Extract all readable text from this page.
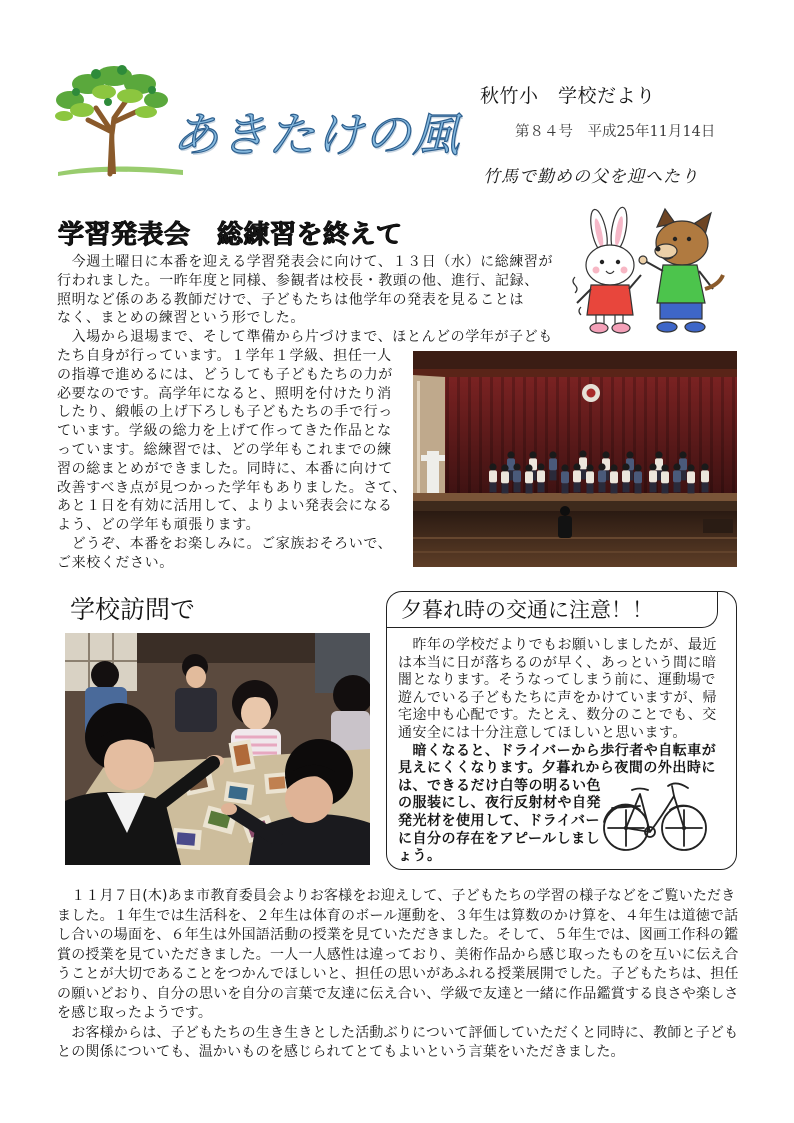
あきたけの風
秋竹小　学校だより
第８４号　平成25年11月14日
竹馬で勤めの父を迎へたり
学習発表会　総練習を終えて
　今週土曜日に本番を迎える学習発表会に向けて、１３日（水）に総練習が
行われました。一昨年度と同様、参観者は校長・教頭の他、進行、記録、
照明など係のある教師だけで、子どもたちは他学年の発表を見ることは
なく、まとめの練習という形でした。
　入場から退場まで、そして準備から片づけまで、ほとんどの学年が子ども
たち自身が行っています。１学年１学級、担任一人
の指導で進めるには、どうしても子どもたちの力が
必要なのです。高学年になると、照明を付けたり消
したり、緞帳の上げ下ろしも子どもたちの手で行っ
ています。学級の総力を上げて作ってきた作品とな
っています。総練習では、どの学年もこれまでの練
習の総まとめができました。同時に、本番に向けて
改善すべき点が見つかった学年もありました。さて、
あと１日を有効に活用して、よりよい発表会になる
よう、どの学年も頑張ります。
　どうぞ、本番をお楽しみに。ご家族おそろいで、
ご来校ください。
学校訪問で
　１１月７日(木)あま市教育委員会よりお客様をお迎えして、子どもたちの学習の様子などをご覧いただき
ました。１年生では生活科を、２年生は体育のボール運動を、３年生は算数のかけ算を、４年生は道徳で話
し合いの場面を、６年生は外国語活動の授業を見ていただきました。そして、５年生では、図画工作科の鑑
賞の授業を見ていただきました。一人一人感性は違っており、美術作品から感じ取ったものを互いに伝え合
うことが大切であることをつかんでほしいと、担任の思いがあふれる授業展開でした。子どもたちは、担任
の願いどおり、自分の思いを自分の言葉で友達に伝え合い、学級で友達と一緒に作品鑑賞する良さや楽しさ
を感じ取ったようです。
　お客様からは、子どもたちの生き生きとした活動ぶりについて評価していただくと同時に、教師と子ども
との関係についても、温かいものを感じられてとてもよいという言葉をいただきました。
夕暮れ時の交通に注意！！
　昨年の学校だよりでもお願いしましたが、最近
は本当に日が落ちるのが早く、あっという間に暗
闇となります。そうなってしまう前に、運動場で
遊んでいる子どもたちに声をかけていますが、帰
宅途中も心配です。たとえ、数分のことでも、交
通安全には十分注意してほしいと思います。
　暗くなると、ドライバーから歩行者や自転車が
見えにくくなります。夕暮れから夜間の外出時に
は、できるだけ白等の明るい色
の服装にし、夜行反射材や自発
発光材を使用して、ドライバー
に自分の存在をアピールしまし
ょう。
